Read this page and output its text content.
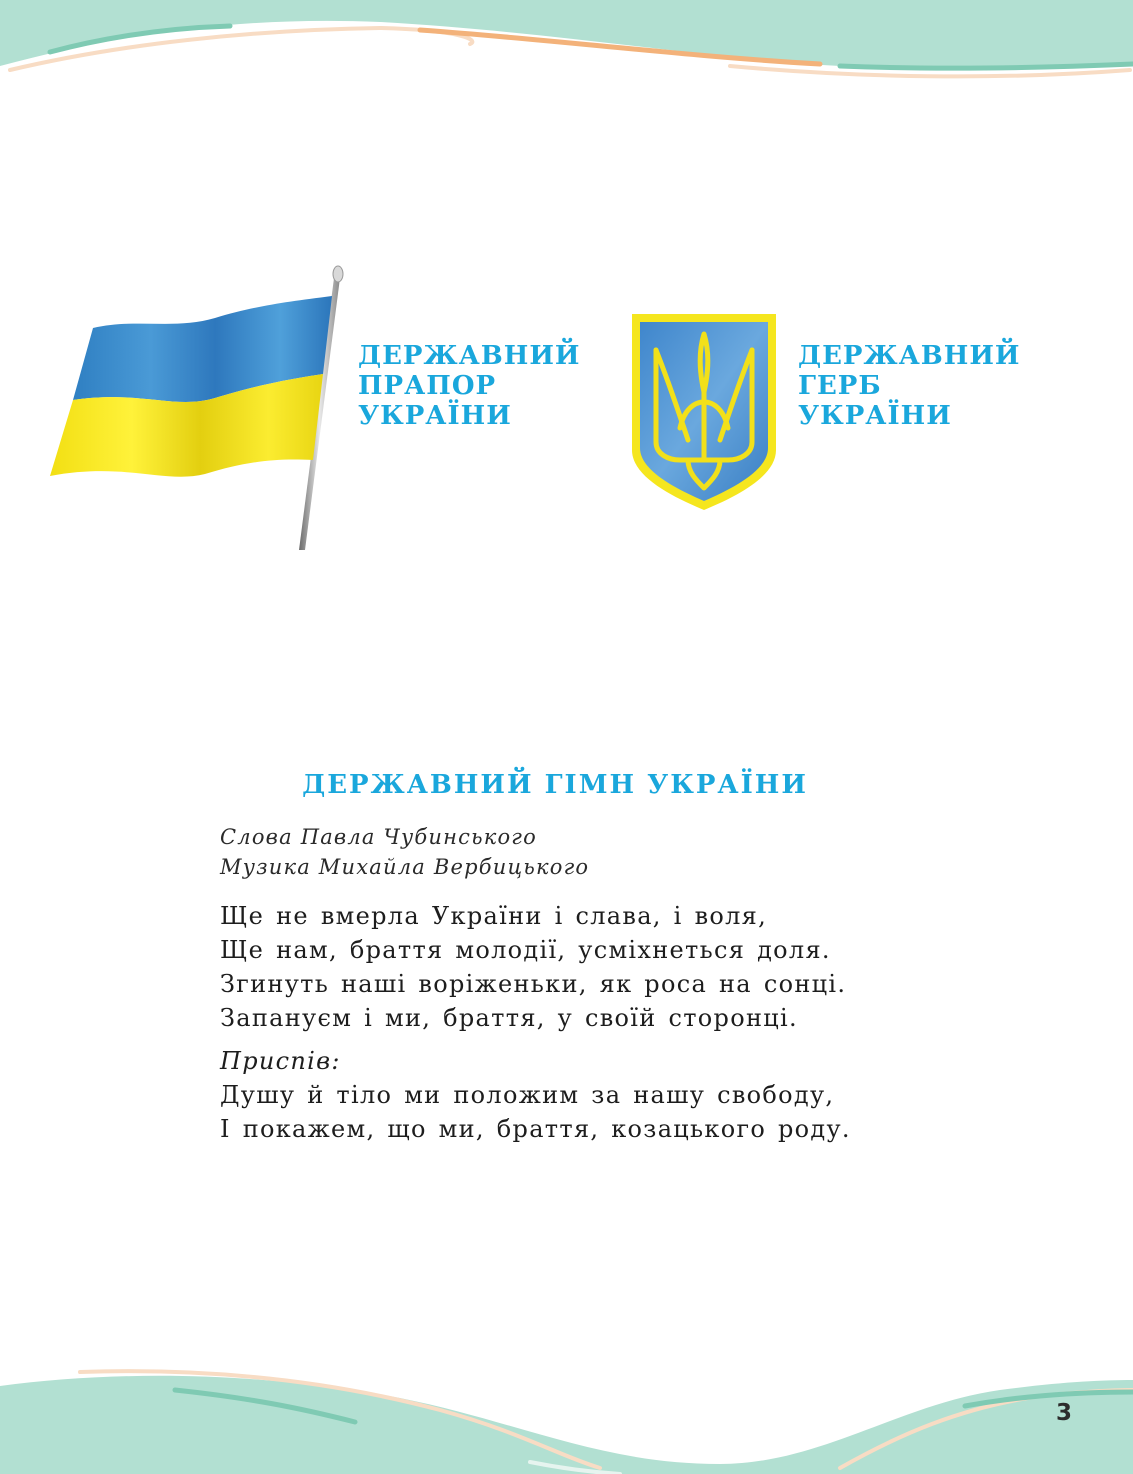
ДЕРЖАВНИЙ
ПРАПОР
УКРАЇНИ
ДЕРЖАВНИЙ
ГЕРБ
УКРАЇНИ
ДЕРЖАВНИЙ ГІМН УКРАЇНИ
Слова Павла Чубинського
Музика Михайла Вербицького
Ще не вмерла України і слава, і воля,
Ще нам, браття молодії, усміхнеться доля.
Згинуть наші воріженьки, як роса на сонці.
Запануєм і ми, браття, у своїй сторонці.
Приспів:
Душу й тіло ми положим за нашу свободу,
І покажем, що ми, браття, козацького роду.
3
